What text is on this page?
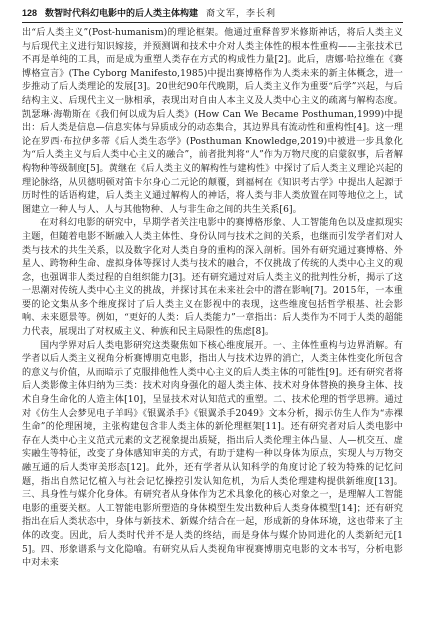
128 数智时代科幻电影中的后人类主体构建 裔文军，李长利

出“后人类主义”(Post-humanism)的理论框架。他通过重释普罗米修斯神话，将后人类主义与后现代主义进行知识嫁接，并预测调和技术中介对人类主体性的根本性重构——主张技术已不再是单纯的工具，而是成为重塑人类存在方式的构成性力量[2]。此后，唐娜·哈拉维在《赛博格宣言》(The Cyborg Manifesto,1985)中提出赛博格作为人类未来的新主体概念，进一步推动了后人类理论的发展[3]。20世纪90年代晚期，后人类主义作为重要“后学”兴起，与后结构主义、后现代主义一脉相承，表现出对自由人本主义及人类中心主义的疏离与解构态度。凯瑟琳·海勒斯在《我们何以成为后人类》(How Can We Became Posthuman,1999)中提出：后人类是信息—信息实体与异质成分的动态集合，其边界具有流动性和重构性[4]。这一理论在罗西·布拉伊多蒂《后人类生态学》(Posthuman Knowledge,2019)中被进一步具象化为“后人类主义与后人类中心主义的融合”，前者批判将“人”作为万物尺度的启蒙叙事，后者解构物种等级制度[5]。黄继在《后人类主义的解构性与建构性》中探讨了后人类主义理论兴起的理论脉络，从贝德明顿对笛卡尔身心二元论的颠覆，到福柯在《知识考古学》中提出人起源于历时性的话语构建，后人类主义通过解构人的神话，将人类与非人类放置在同等地位之上，试图建立一种人与人、人与其他物种、人与非生命之间的共生关系[6]。

在对科幻电影的研究中，早期学者关注电影中的赛博格形象、人工智能角色以及虚拟现实主题，但随着电影不断融入人类主体性、身份认同与技术之间的关系，也继而引发学者们对人类与技术的共生关系，以及数字化对人类自身的重构的深入剖析。国外有研究通过赛博格、外星人、跨物种生命、虚拟身体等探讨人类与技术的融合，不仅挑战了传统的人类中心主义的观念，也强调非人类过程的自组织能力[3]。还有研究通过对后人类主义的批判性分析，揭示了这一思潮对传统人类中心主义的挑战，并探讨其在未来社会中的潜在影响[7]。2015年，一本重要的论文集从多个维度探讨了后人类主义在影视中的表现，这些维度包括哲学根基、社会影响、未来愿景等。例如，“更好的人类：后人类能力”一章指出：后人类作为不同于人类的超能力代表，展现出了对权威主义、种族和民主局限性的焦虑[8]。

国内学界对后人类电影研究这类聚焦如下核心维度展开。一、主体性重构与边界消解。有学者以后人类主义视角分析赛博朋克电影，指出人与技术边界的消亡，人类主体性变化所包含的意义与价值，从而暗示了克服排他性人类中心主义的后人类主体的可能性[9]。还有研究者将后人类影像主体归纳为三类：技术对肉身强化的超人类主体、技术对身体替换的换身主体、技术自身生命化的人造主体[10]，呈显技术对认知范式的重塑。二、技术伦理的哲学思辨。通过对《仿生人会梦见电子羊吗》《银翼杀手》《银翼杀手2049》文本分析，揭示仿生人作为“赤裸生命”的伦理困境，主张构建包含非人类主体的新伦理框架[11]。还有研究者对后人类电影中存在人类中心主义范式元素的文艺视象提出质疑，指出后人类伦理主体凸显、人—机交互、虚实融生等特征，改变了身体感知审美的方式，有助于建构一种以身体为原点，实现人与万物交融互通的后人类审美形态[12]。此外，还有学者从认知科学的角度讨论了较为特殊的记忆问题，指出自然记忆植入与社会记忆操控引发认知危机，为后人类伦理建构提供新维度[13]。三、具身性与媒介化身体。有研究者从身体作为艺术具象化的核心对象之一，是理解人工智能电影的重要关枢。人工智能电影所塑造的身体模型生发出数种后人类身体模型[14]；还有研究指出在后人类状态中，身体与新技术、新媒介结合在一起，形成新的身体环境，这也带来了主体的改变。因此，后人类时代并不是人类的终结，而是身体与媒介协同进化的人类新纪元[15]。四、形象谱系与文化隐喻。有研究从后人类视角审视赛博朋克电影的文本书写，分析电影中对未来
